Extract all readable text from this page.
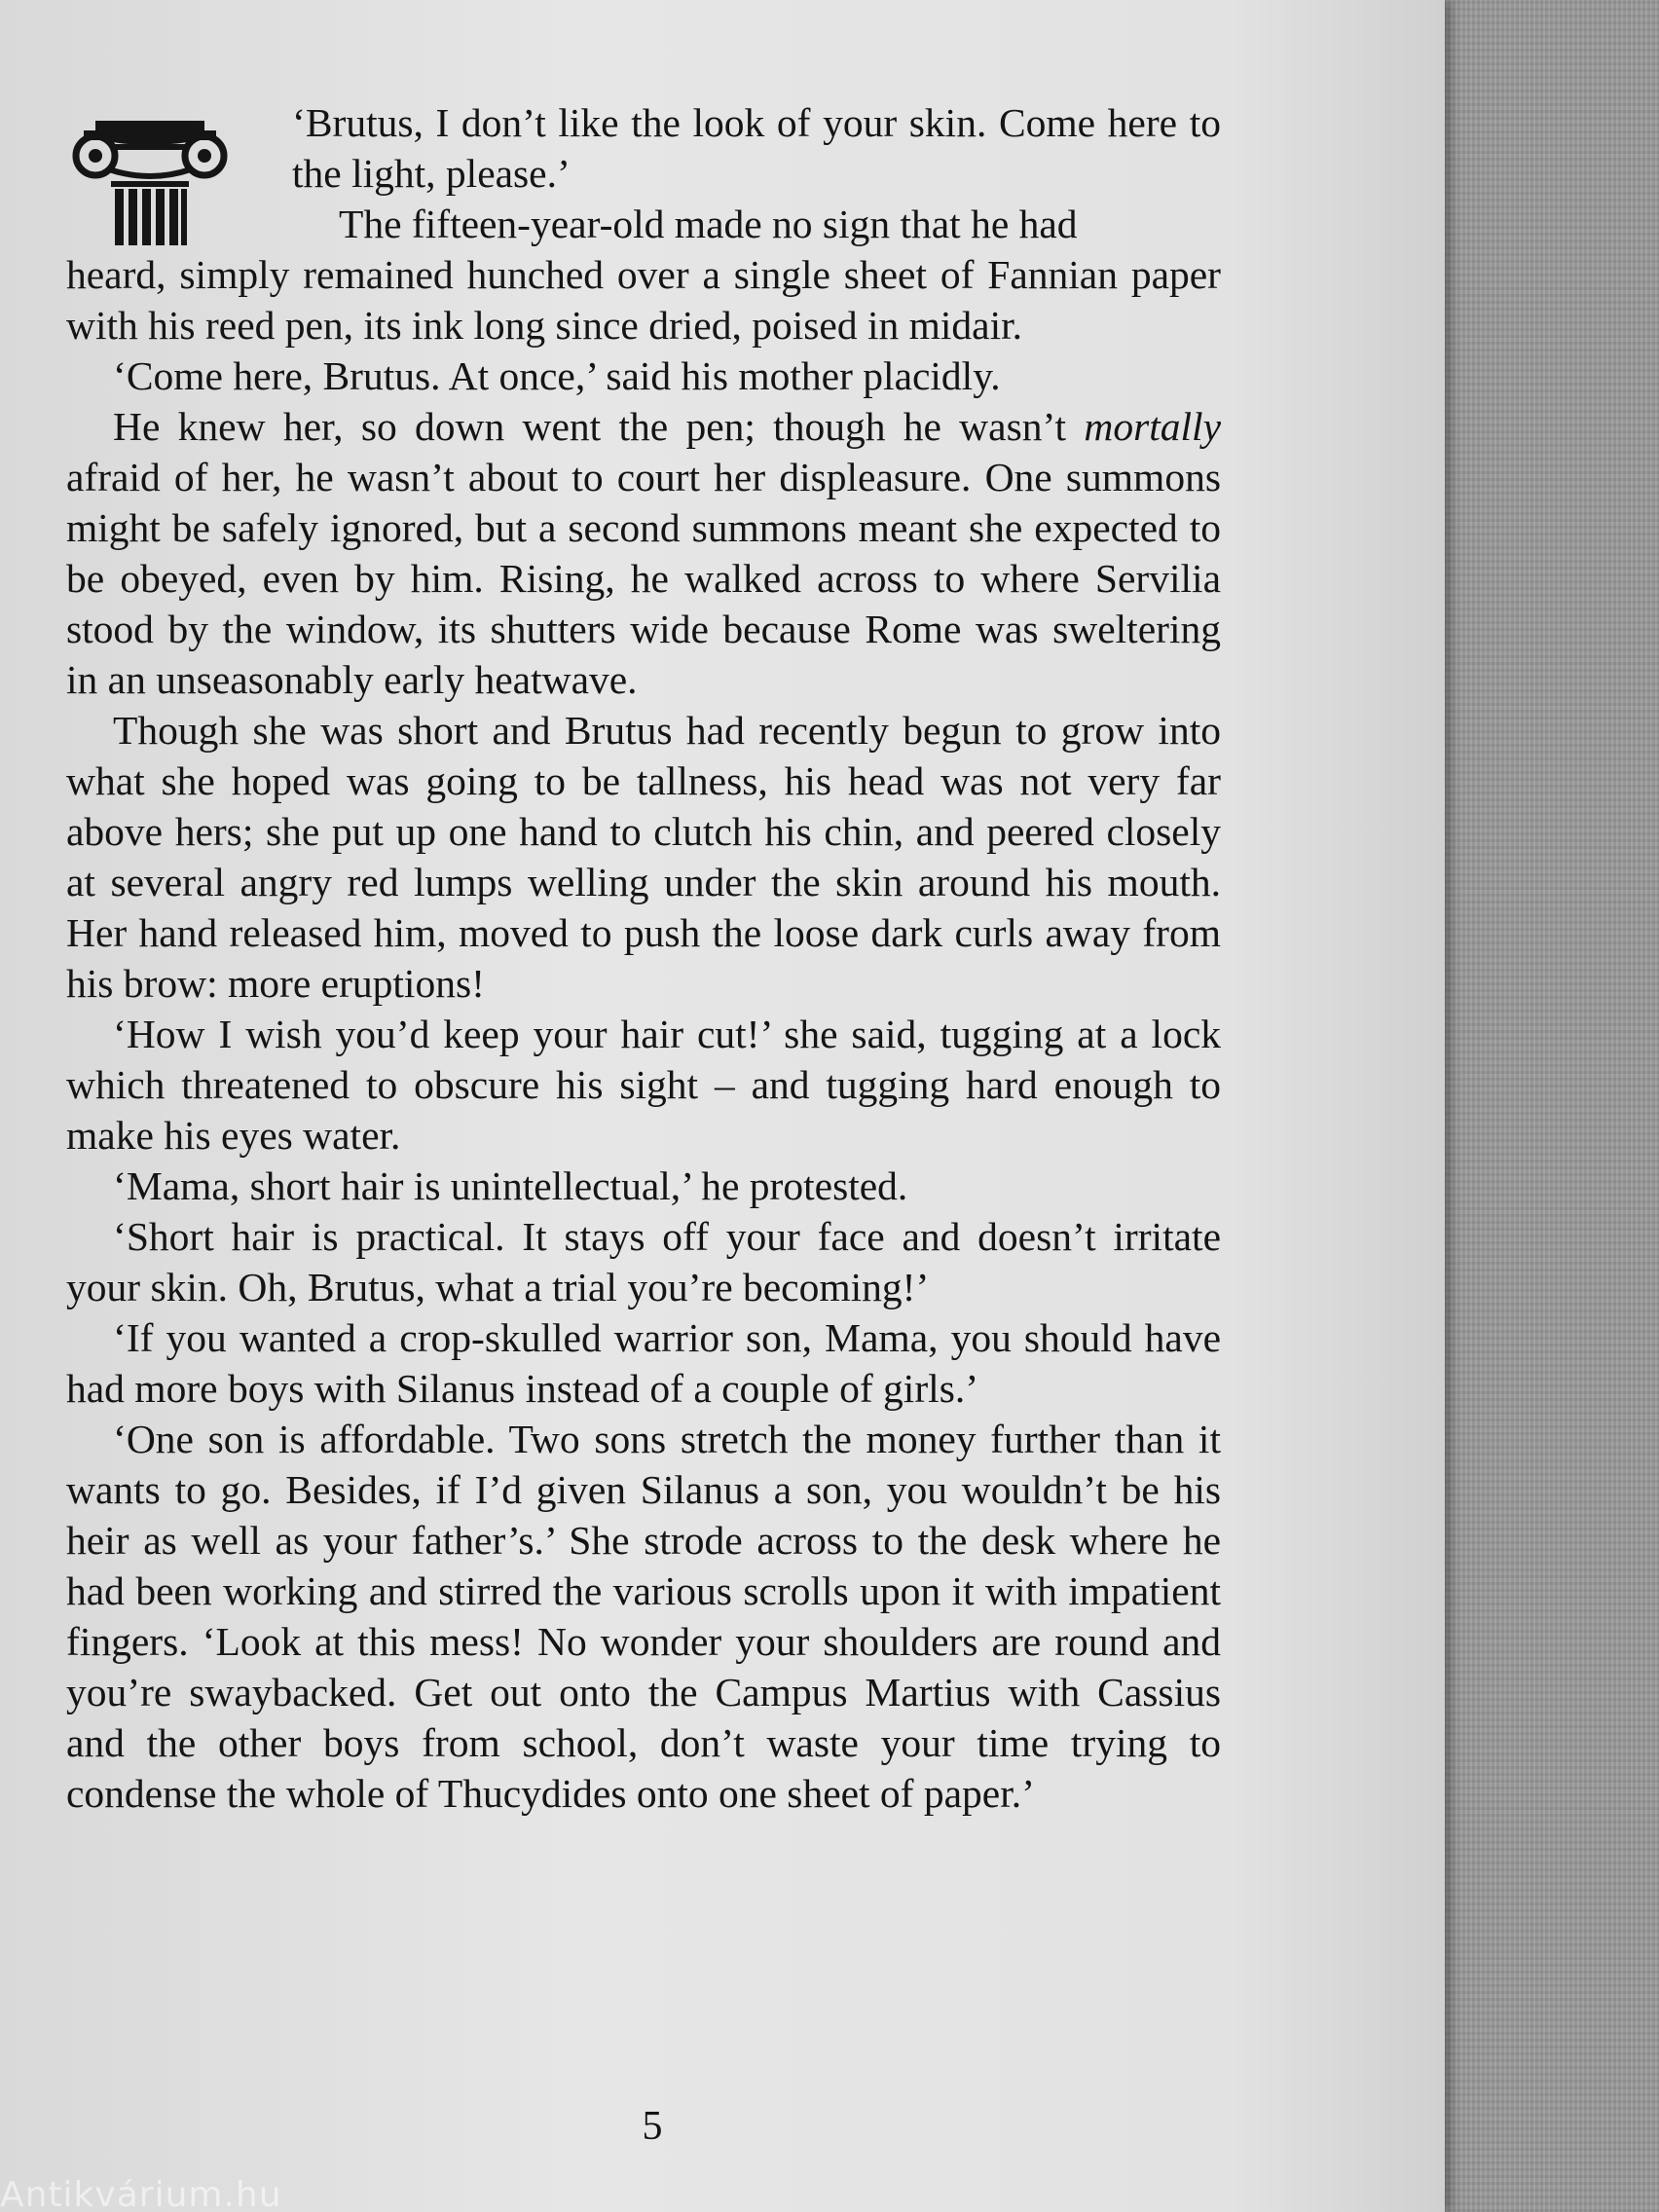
‘Brutus, I don’t like the look of your skin. Come here to the light, please.’

The fifteen-year-old made no sign that he had
heard, simply remained hunched over a single sheet of Fannian paper with his reed pen, its ink long since dried, poised in midair.

‘Come here, Brutus. At once,’ said his mother placidly.

He knew her, so down went the pen; though he wasn’t mortally afraid of her, he wasn’t about to court her displeasure. One summons might be safely ignored, but a second summons meant she expected to be obeyed, even by him. Rising, he walked across to where Servilia stood by the window, its shutters wide because Rome was sweltering in an unseasonably early heatwave.

Though she was short and Brutus had recently begun to grow into what she hoped was going to be tallness, his head was not very far above hers; she put up one hand to clutch his chin, and peered closely at several angry red lumps welling under the skin around his mouth. Her hand released him, moved to push the loose dark curls away from his brow: more eruptions!

‘How I wish you’d keep your hair cut!’ she said, tugging at a lock which threatened to obscure his sight – and tugging hard enough to make his eyes water.

‘Mama, short hair is unintellectual,’ he protested.

‘Short hair is practical. It stays off your face and doesn’t irritate your skin. Oh, Brutus, what a trial you’re becoming!’

‘If you wanted a crop-skulled warrior son, Mama, you should have had more boys with Silanus instead of a couple of girls.’

‘One son is affordable. Two sons stretch the money further than it wants to go. Besides, if I’d given Silanus a son, you wouldn’t be his heir as well as your father’s.’ She strode across to the desk where he had been working and stirred the various scrolls upon it with impatient fingers. ‘Look at this mess! No wonder your shoulders are round and you’re swaybacked. Get out onto the Campus Martius with Cassius and the other boys from school, don’t waste your time trying to condense the whole of Thucydides onto one sheet of paper.’

5
Antikvárium.hu
